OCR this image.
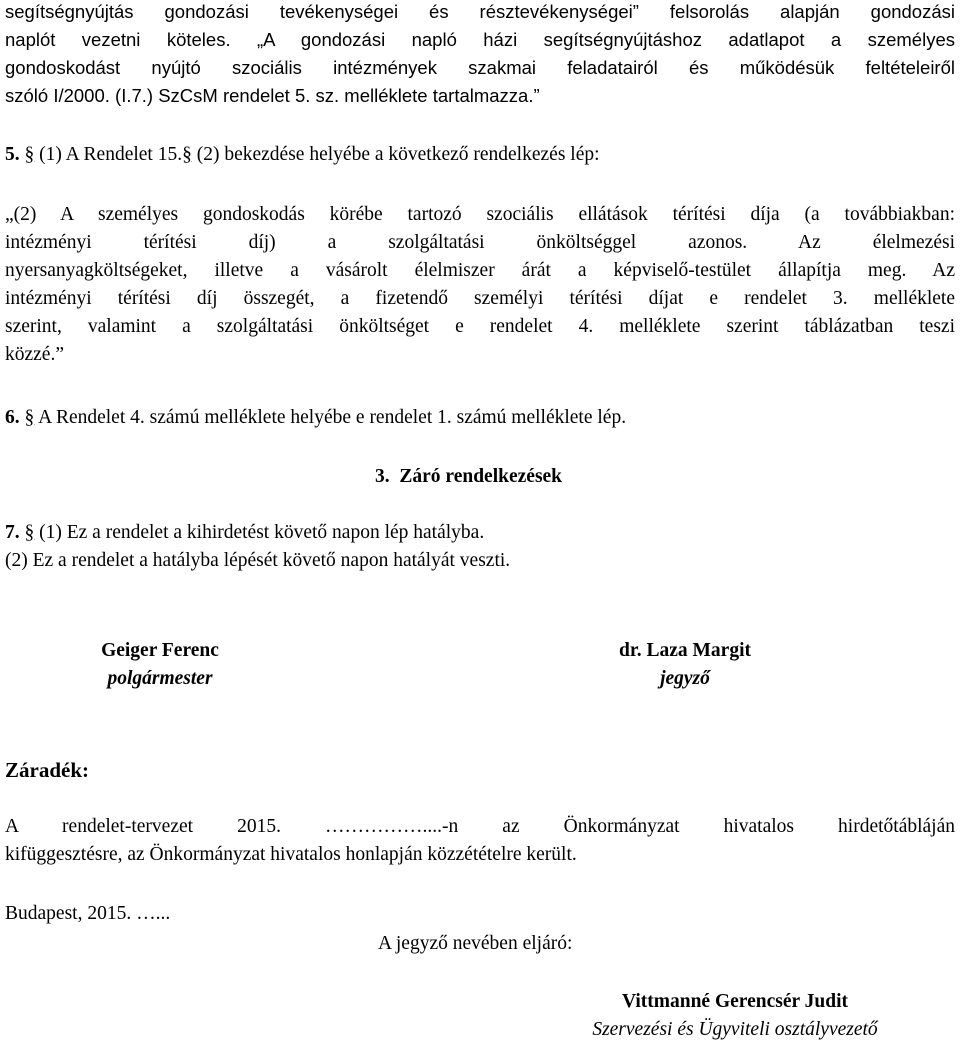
segítségnyújtás gondozási tevékenységei és résztevékenységei” felsorolás alapján gondozási
naplót vezetni köteles. „A gondozási napló házi segítségnyújtáshoz adatlapot a személyes
gondoskodást nyújtó szociális intézmények szakmai feladatairól és működésük feltételeiről
szóló I/2000. (I.7.) SzCsM rendelet 5. sz. melléklete tartalmazza.”
5. § (1) A Rendelet 15.§ (2) bekezdése helyébe a következő rendelkezés lép:
„(2) A személyes gondoskodás körébe tartozó szociális ellátások térítési díja (a továbbiakban:
intézményi térítési díj) a szolgáltatási önköltséggel azonos. Az élelmezési
nyersanyagköltségeket, illetve a vásárolt élelmiszer árát a képviselő-testület állapítja meg. Az
intézményi térítési díj összegét, a fizetendő személyi térítési díjat e rendelet 3. melléklete
szerint, valamint a szolgáltatási önköltséget e rendelet 4. melléklete szerint táblázatban teszi
közzé.”
6. § A Rendelet 4. számú melléklete helyébe e rendelet 1. számú melléklete lép.
3.  Záró rendelkezések
7. § (1) Ez a rendelet a kihirdetést követő napon lép hatályba.
(2) Ez a rendelet a hatályba lépését követő napon hatályát veszti.
Geiger Ferenc
polgármester
dr. Laza Margit
jegyző
Záradék:
A rendelet-tervezet 2015. ……………....-n az Önkormányzat hivatalos hirdetőtábláján
kifüggesztésre, az Önkormányzat hivatalos honlapján közzétételre került.
Budapest, 2015. …...
A jegyző nevében eljáró:
Vittmanné Gerencsér Judit
Szervezési és Ügyviteli osztályvezető
